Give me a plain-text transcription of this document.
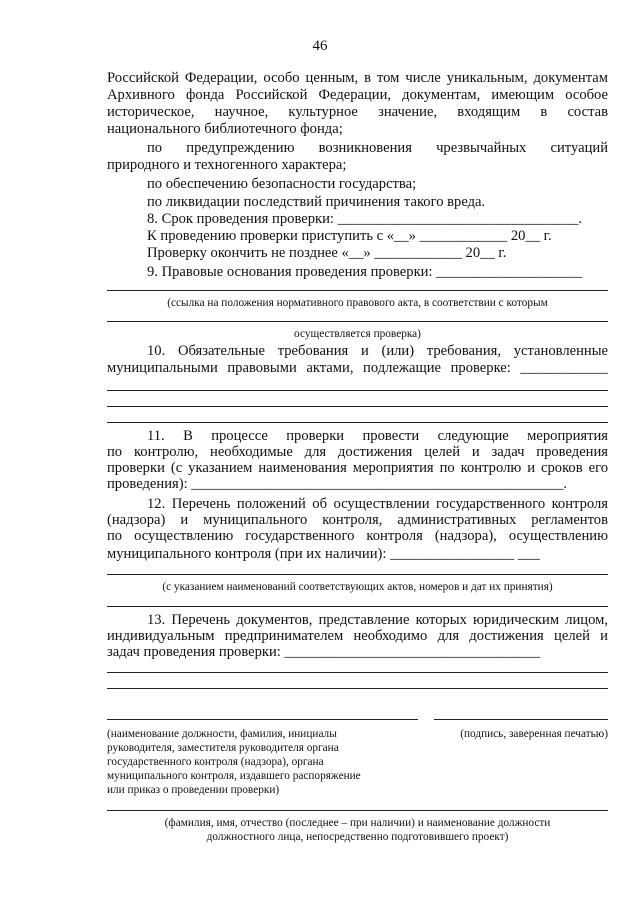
46
Российской Федерации, особо ценным, в том числе уникальным, документам
Архивного фонда Российской Федерации, документам, имеющим особое
историческое, научное, культурное значение, входящим в состав
национального библиотечного фонда;
по предупреждению возникновения чрезвычайных ситуаций
природного и техногенного характера;
по обеспечению безопасности государства;
по ликвидации последствий причинения такого вреда.
8. Срок проведения проверки: _________________________________.
К проведению проверки приступить с «__» ____________ 20__ г.
Проверку окончить не позднее «__» ____________ 20__ г.
9. Правовые основания проведения проверки: ____________________
(ссылка на положения нормативного правового акта, в соответствии с которым
осуществляется проверка)
10. Обязательные требования и (или) требования, установленные
муниципальными правовыми актами, подлежащие проверке: ____________
11. В процессе проверки провести следующие мероприятия
по контролю, необходимые для достижения целей и задач проведения
проверки (с указанием наименования мероприятия по контролю и сроков его
проведения): ___________________________________________________.
12. Перечень положений об осуществлении государственного контроля
(надзора) и муниципального контроля, административных регламентов
по осуществлению государственного контроля (надзора), осуществлению
муниципального контроля (при их наличии): _________________ ___
(с указанием наименований соответствующих актов, номеров и дат их принятия)
13. Перечень документов, представление которых юридическим лицом,
индивидуальным предпринимателем необходимо для достижения целей и
задач проведения проверки: ___________________________________
(наименование должности, фамилия, инициалы
руководителя, заместителя руководителя органа
государственного контроля (надзора), органа
муниципального контроля, издавшего распоряжение
или приказ о проведении проверки)
(подпись, заверенная печатью)
(фамилия, имя, отчество (последнее – при наличии) и наименование должности
должностного лица, непосредственно подготовившего проект)
